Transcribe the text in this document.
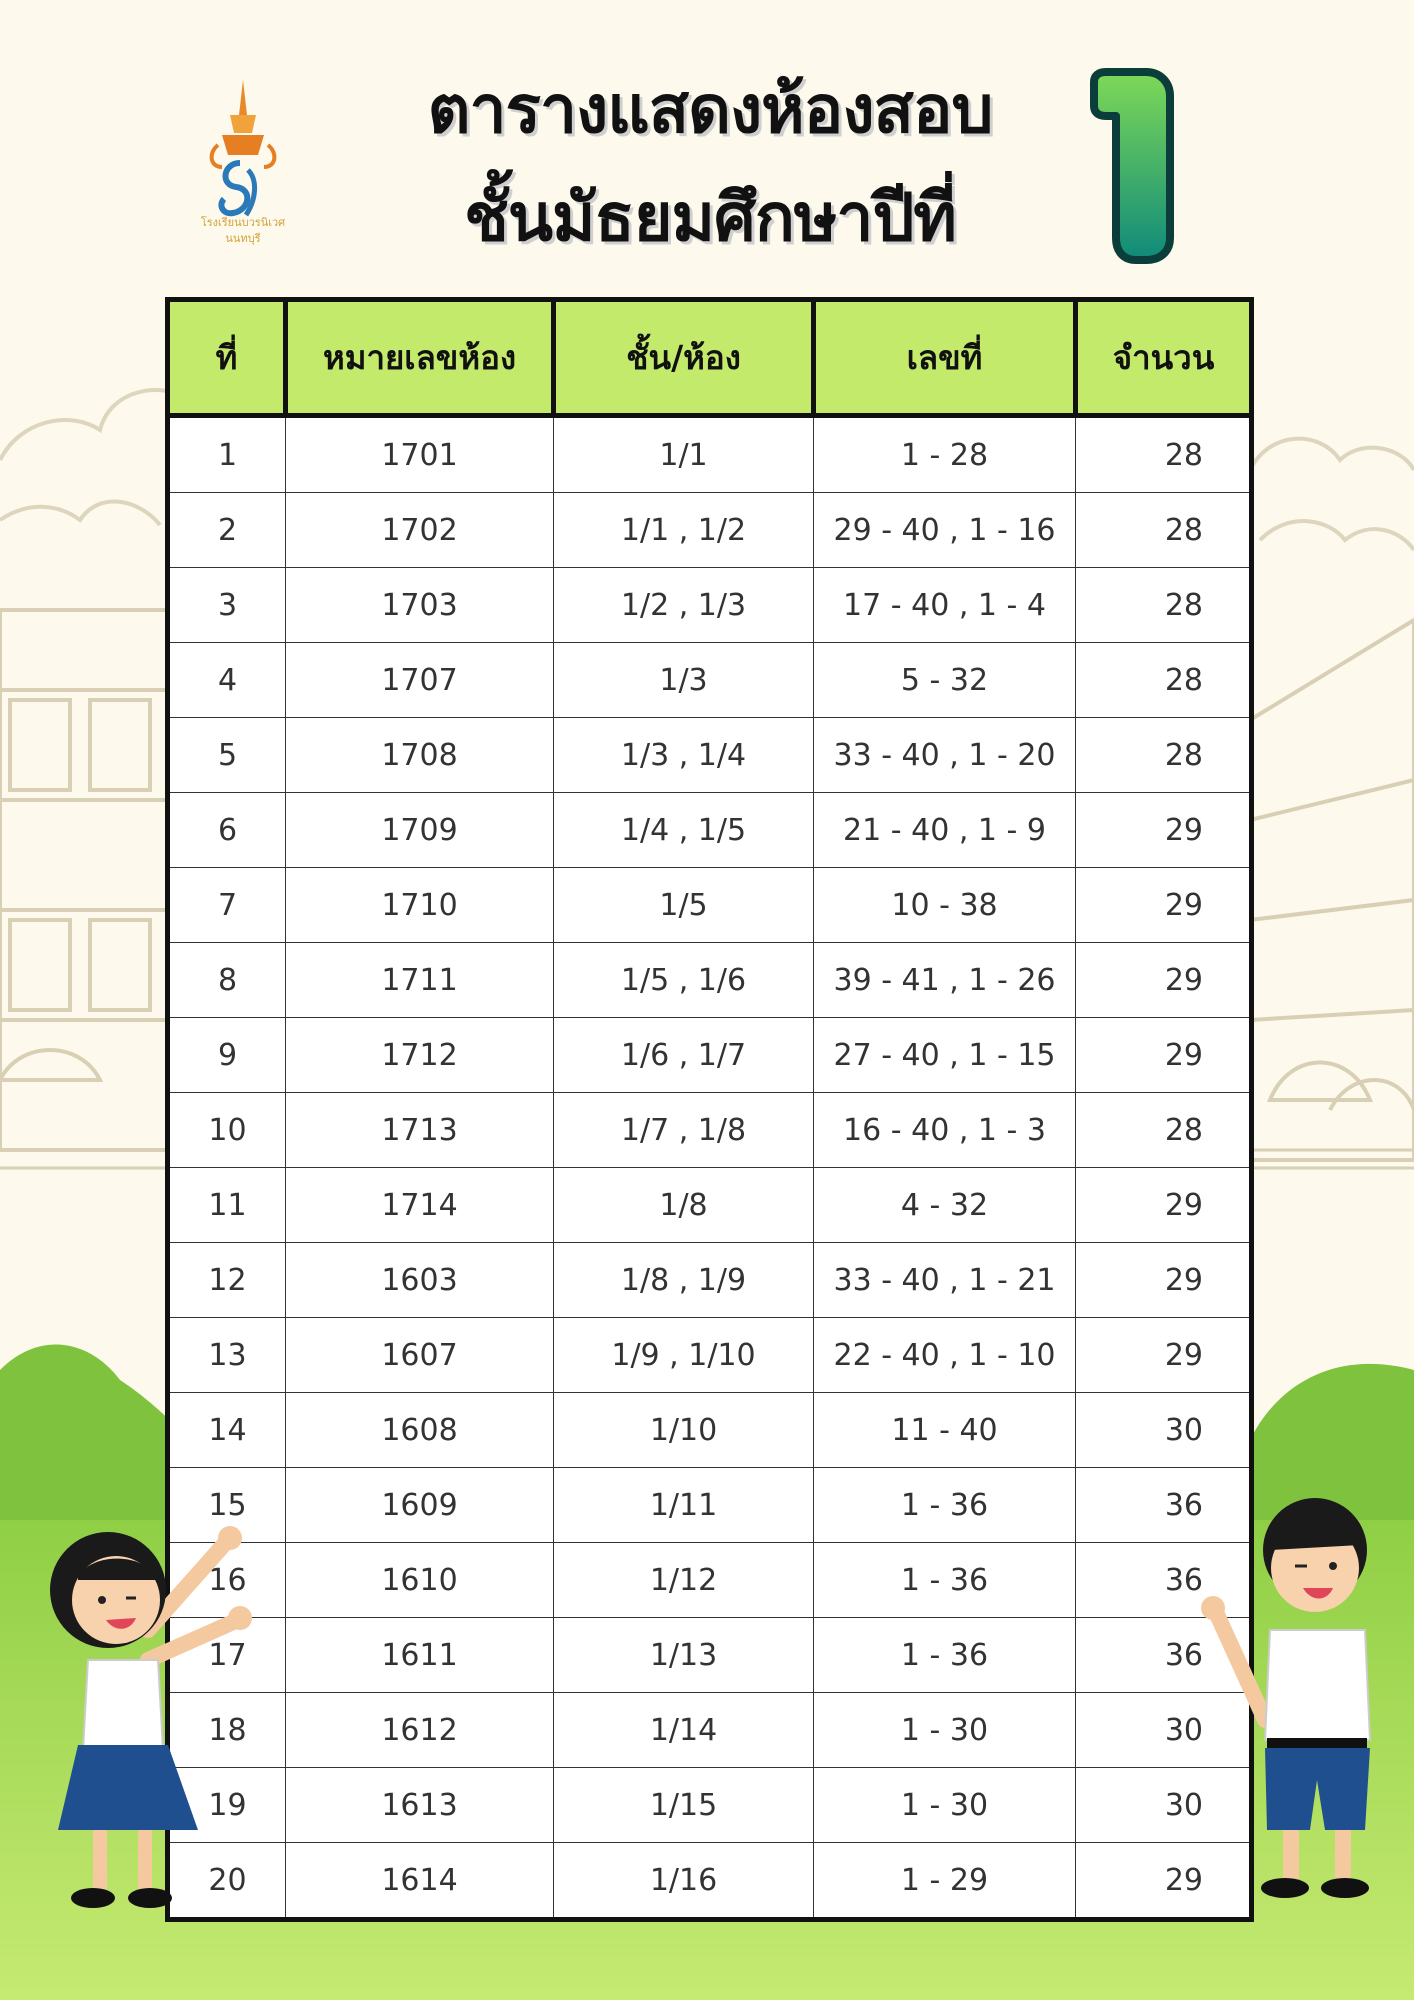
โรงเรียนบวรนิเวศ
นนทบุรี
ตารางแสดงห้องสอบ
ชั้นมัธยมศึกษาปีที่
ที่	หมายเลขห้อง	ชั้น/ห้อง	เลขที่	จำนวน
1	1701	1/1	1 - 28	28
2	1702	1/1 , 1/2	29 - 40 , 1 - 16	28
3	1703	1/2 , 1/3	17 - 40 , 1 - 4	28
4	1707	1/3	5 - 32	28
5	1708	1/3 , 1/4	33 - 40 , 1 - 20	28
6	1709	1/4 , 1/5	21 - 40 , 1 - 9	29
7	1710	1/5	10 - 38	29
8	1711	1/5 , 1/6	39 - 41 , 1 - 26	29
9	1712	1/6 , 1/7	27 - 40 , 1 - 15	29
10	1713	1/7 , 1/8	16 - 40 , 1 - 3	28
11	1714	1/8	4 - 32	29
12	1603	1/8 , 1/9	33 - 40 , 1 - 21	29
13	1607	1/9 , 1/10	22 - 40 , 1 - 10	29
14	1608	1/10	11 - 40	30
15	1609	1/11	1 - 36	36
16	1610	1/12	1 - 36	36
17	1611	1/13	1 - 36	36
18	1612	1/14	1 - 30	30
19	1613	1/15	1 - 30	30
20	1614	1/16	1 - 29	29
